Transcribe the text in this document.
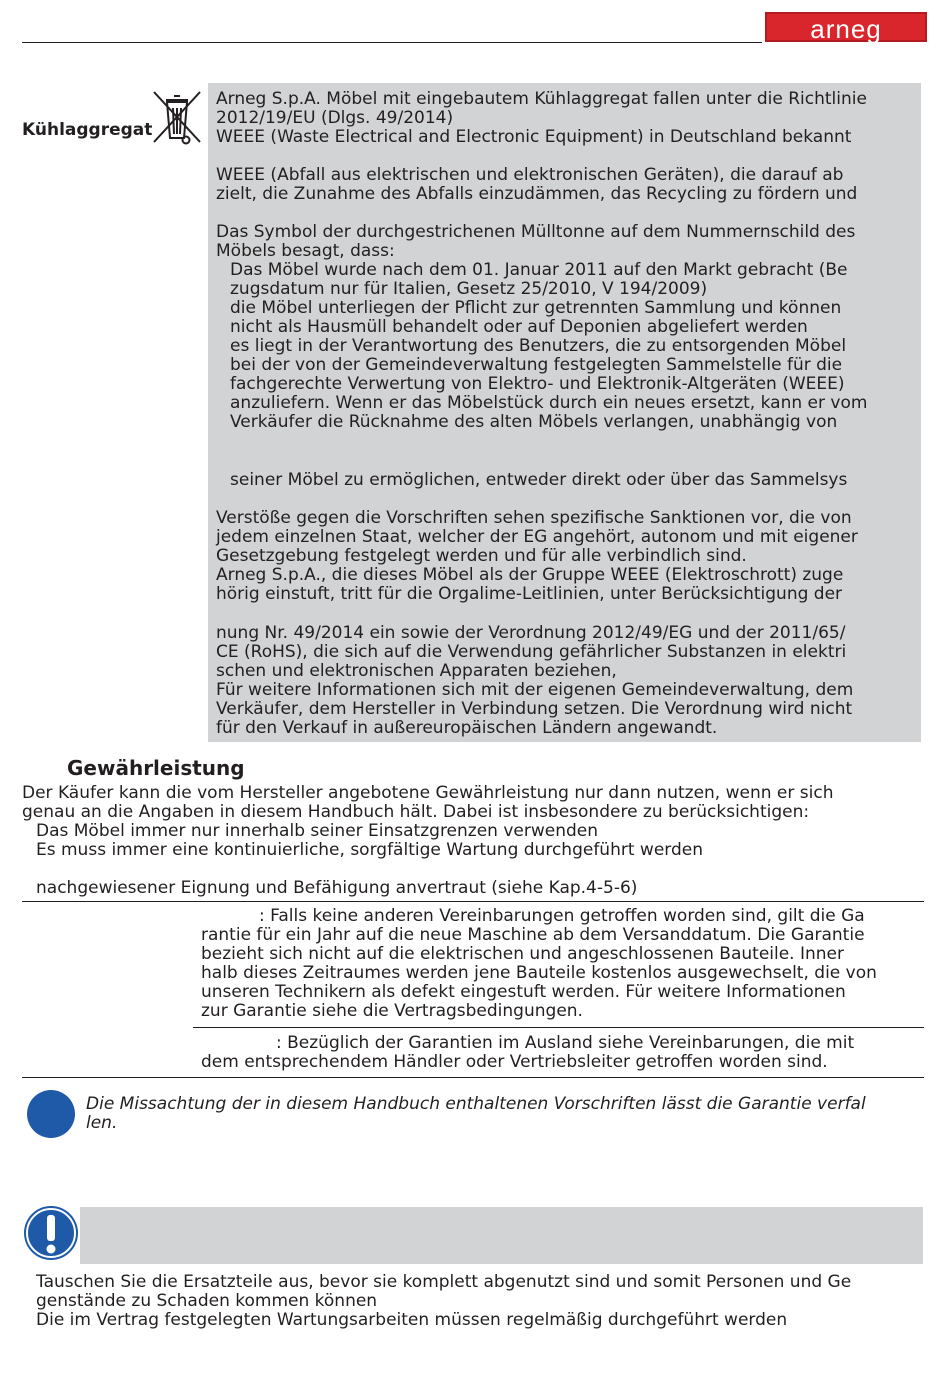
arneg
Kühlaggregat
Arneg S.p.A. Möbel mit eingebautem Kühlaggregat fallen unter die Richtlinie
2012/19/EU (Dlgs. 49/2014)
WEEE (Waste Electrical and Electronic Equipment) in Deutschland bekannt
WEEE (Abfall aus elektrischen und elektronischen Geräten), die darauf ab
zielt, die Zunahme des Abfalls einzudämmen, das Recycling zu fördern und
Das Symbol der durchgestrichenen Mülltonne auf dem Nummernschild des
Möbels besagt, dass:
Das Möbel wurde nach dem 01. Januar 2011 auf den Markt gebracht (Be
zugsdatum nur für Italien, Gesetz 25/2010, V 194/2009)
die Möbel unterliegen der Pflicht zur getrennten Sammlung und können
nicht als Hausmüll behandelt oder auf Deponien abgeliefert werden
es liegt in der Verantwortung des Benutzers, die zu entsorgenden Möbel
bei der von der Gemeindeverwaltung festgelegten Sammelstelle für die
fachgerechte Verwertung von Elektro- und Elektronik-Altgeräten (WEEE)
anzuliefern. Wenn er das Möbelstück durch ein neues ersetzt, kann er vom
Verkäufer die Rücknahme des alten Möbels verlangen, unabhängig von
seiner Möbel zu ermöglichen, entweder direkt oder über das Sammelsys
Verstöße gegen die Vorschriften sehen spezifische Sanktionen vor, die von
jedem einzelnen Staat, welcher der EG angehört, autonom und mit eigener
Gesetzgebung festgelegt werden und für alle verbindlich sind.
Arneg S.p.A., die dieses Möbel als der Gruppe WEEE (Elektroschrott) zuge
hörig einstuft, tritt für die Orgalime-Leitlinien, unter Berücksichtigung der
nung Nr. 49/2014 ein sowie der Verordnung 2012/49/EG und der 2011/65/
CE (RoHS), die sich auf die Verwendung gefährlicher Substanzen in elektri
schen und elektronischen Apparaten beziehen,
Für weitere Informationen sich mit der eigenen Gemeindeverwaltung, dem
Verkäufer, dem Hersteller in Verbindung setzen. Die Verordnung wird nicht
für den Verkauf in außereuropäischen Ländern angewandt.
Gewährleistung
Der Käufer kann die vom Hersteller angebotene Gewährleistung nur dann nutzen, wenn er sich
genau an die Angaben in diesem Handbuch hält. Dabei ist insbesondere zu berücksichtigen:
Das Möbel immer nur innerhalb seiner Einsatzgrenzen verwenden
Es muss immer eine kontinuierliche, sorgfältige Wartung durchgeführt werden
nachgewiesener Eignung und Befähigung anvertraut (siehe Kap.4-5-6)
: Falls keine anderen Vereinbarungen getroffen worden sind, gilt die Ga
rantie für ein Jahr auf die neue Maschine ab dem Versanddatum. Die Garantie
bezieht sich nicht auf die elektrischen und angeschlossenen Bauteile. Inner
halb dieses Zeitraumes werden jene Bauteile kostenlos ausgewechselt, die von
unseren Technikern als defekt eingestuft werden. Für weitere Informationen
zur Garantie siehe die Vertragsbedingungen.
: Bezüglich der Garantien im Ausland siehe Vereinbarungen, die mit
dem entsprechendem Händler oder Vertriebsleiter getroffen worden sind.
Die Missachtung der in diesem Handbuch enthaltenen Vorschriften lässt die Garantie verfal
len.
Tauschen Sie die Ersatzteile aus, bevor sie komplett abgenutzt sind und somit Personen und Ge
genstände zu Schaden kommen können
Die im Vertrag festgelegten Wartungsarbeiten müssen regelmäßig durchgeführt werden
